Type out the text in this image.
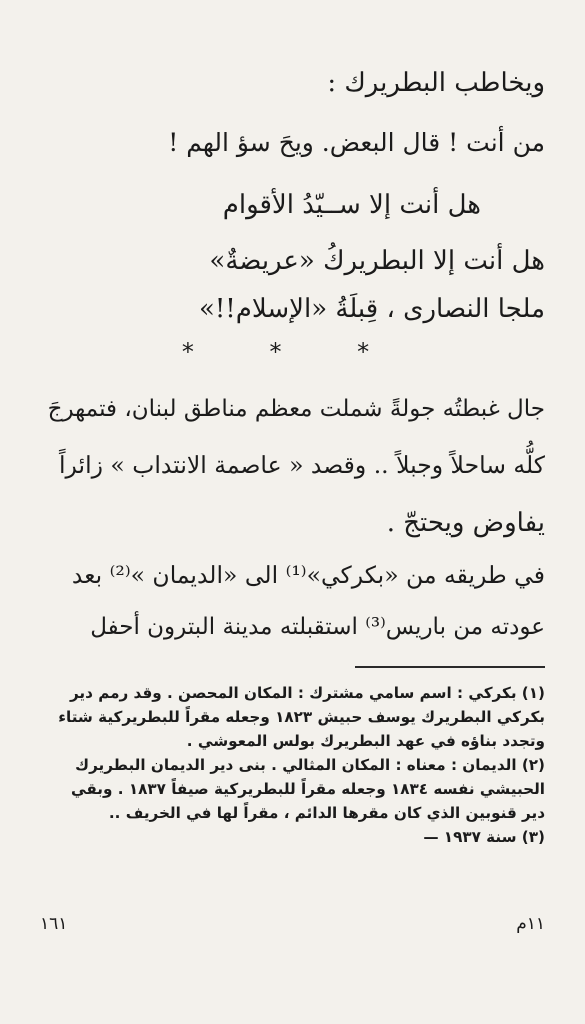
ويخاطب البطريرك :
من أنت ! قال البعض. ويحَ سؤ الهم !
هل أنت إلا ســيّدُ الأقوام
هل أنت إلا البطريركُ «عريضةٌ»
ملجا النصارى ، قِبلَةُ «الإسلام!!»
* * *
جال غبطتُه جولةً شملت معظم مناطق لبنان، فتمهرجَ
كلُّه ساحلاً وجبلاً .. وقصد « عاصمة الانتداب » زائراً
يفاوض ويحتجّ .
في طريقه من «بكركي»⁽¹⁾ الى «الديمان »⁽²⁾ بعد
عودته من باريس⁽³⁾ استقبلته مدينة البترون أحفل
(١) بكركي : اسم سامي مشترك : المكان المحصن . وقد رمم دير
بكركي البطريرك يوسف حبيش ١٨٢٣ وجعله مقراً للبطريركية شتاء
وتجدد بناؤه في عهد البطريرك بولس المعوشي .
(٢) الديمان : معناه : المكان المثالي . بنى دير الديمان البطريرك
الحبيشي نفسه ١٨٣٤ وجعله مقراً للبطريركية صيفاً ١٨٣٧ . وبقي
دير قنوبين الذي كان مقرها الدائم ، مقراً لها في الخريف ..
(٣) سنة ١٩٣٧ —
١٦١	١١م
